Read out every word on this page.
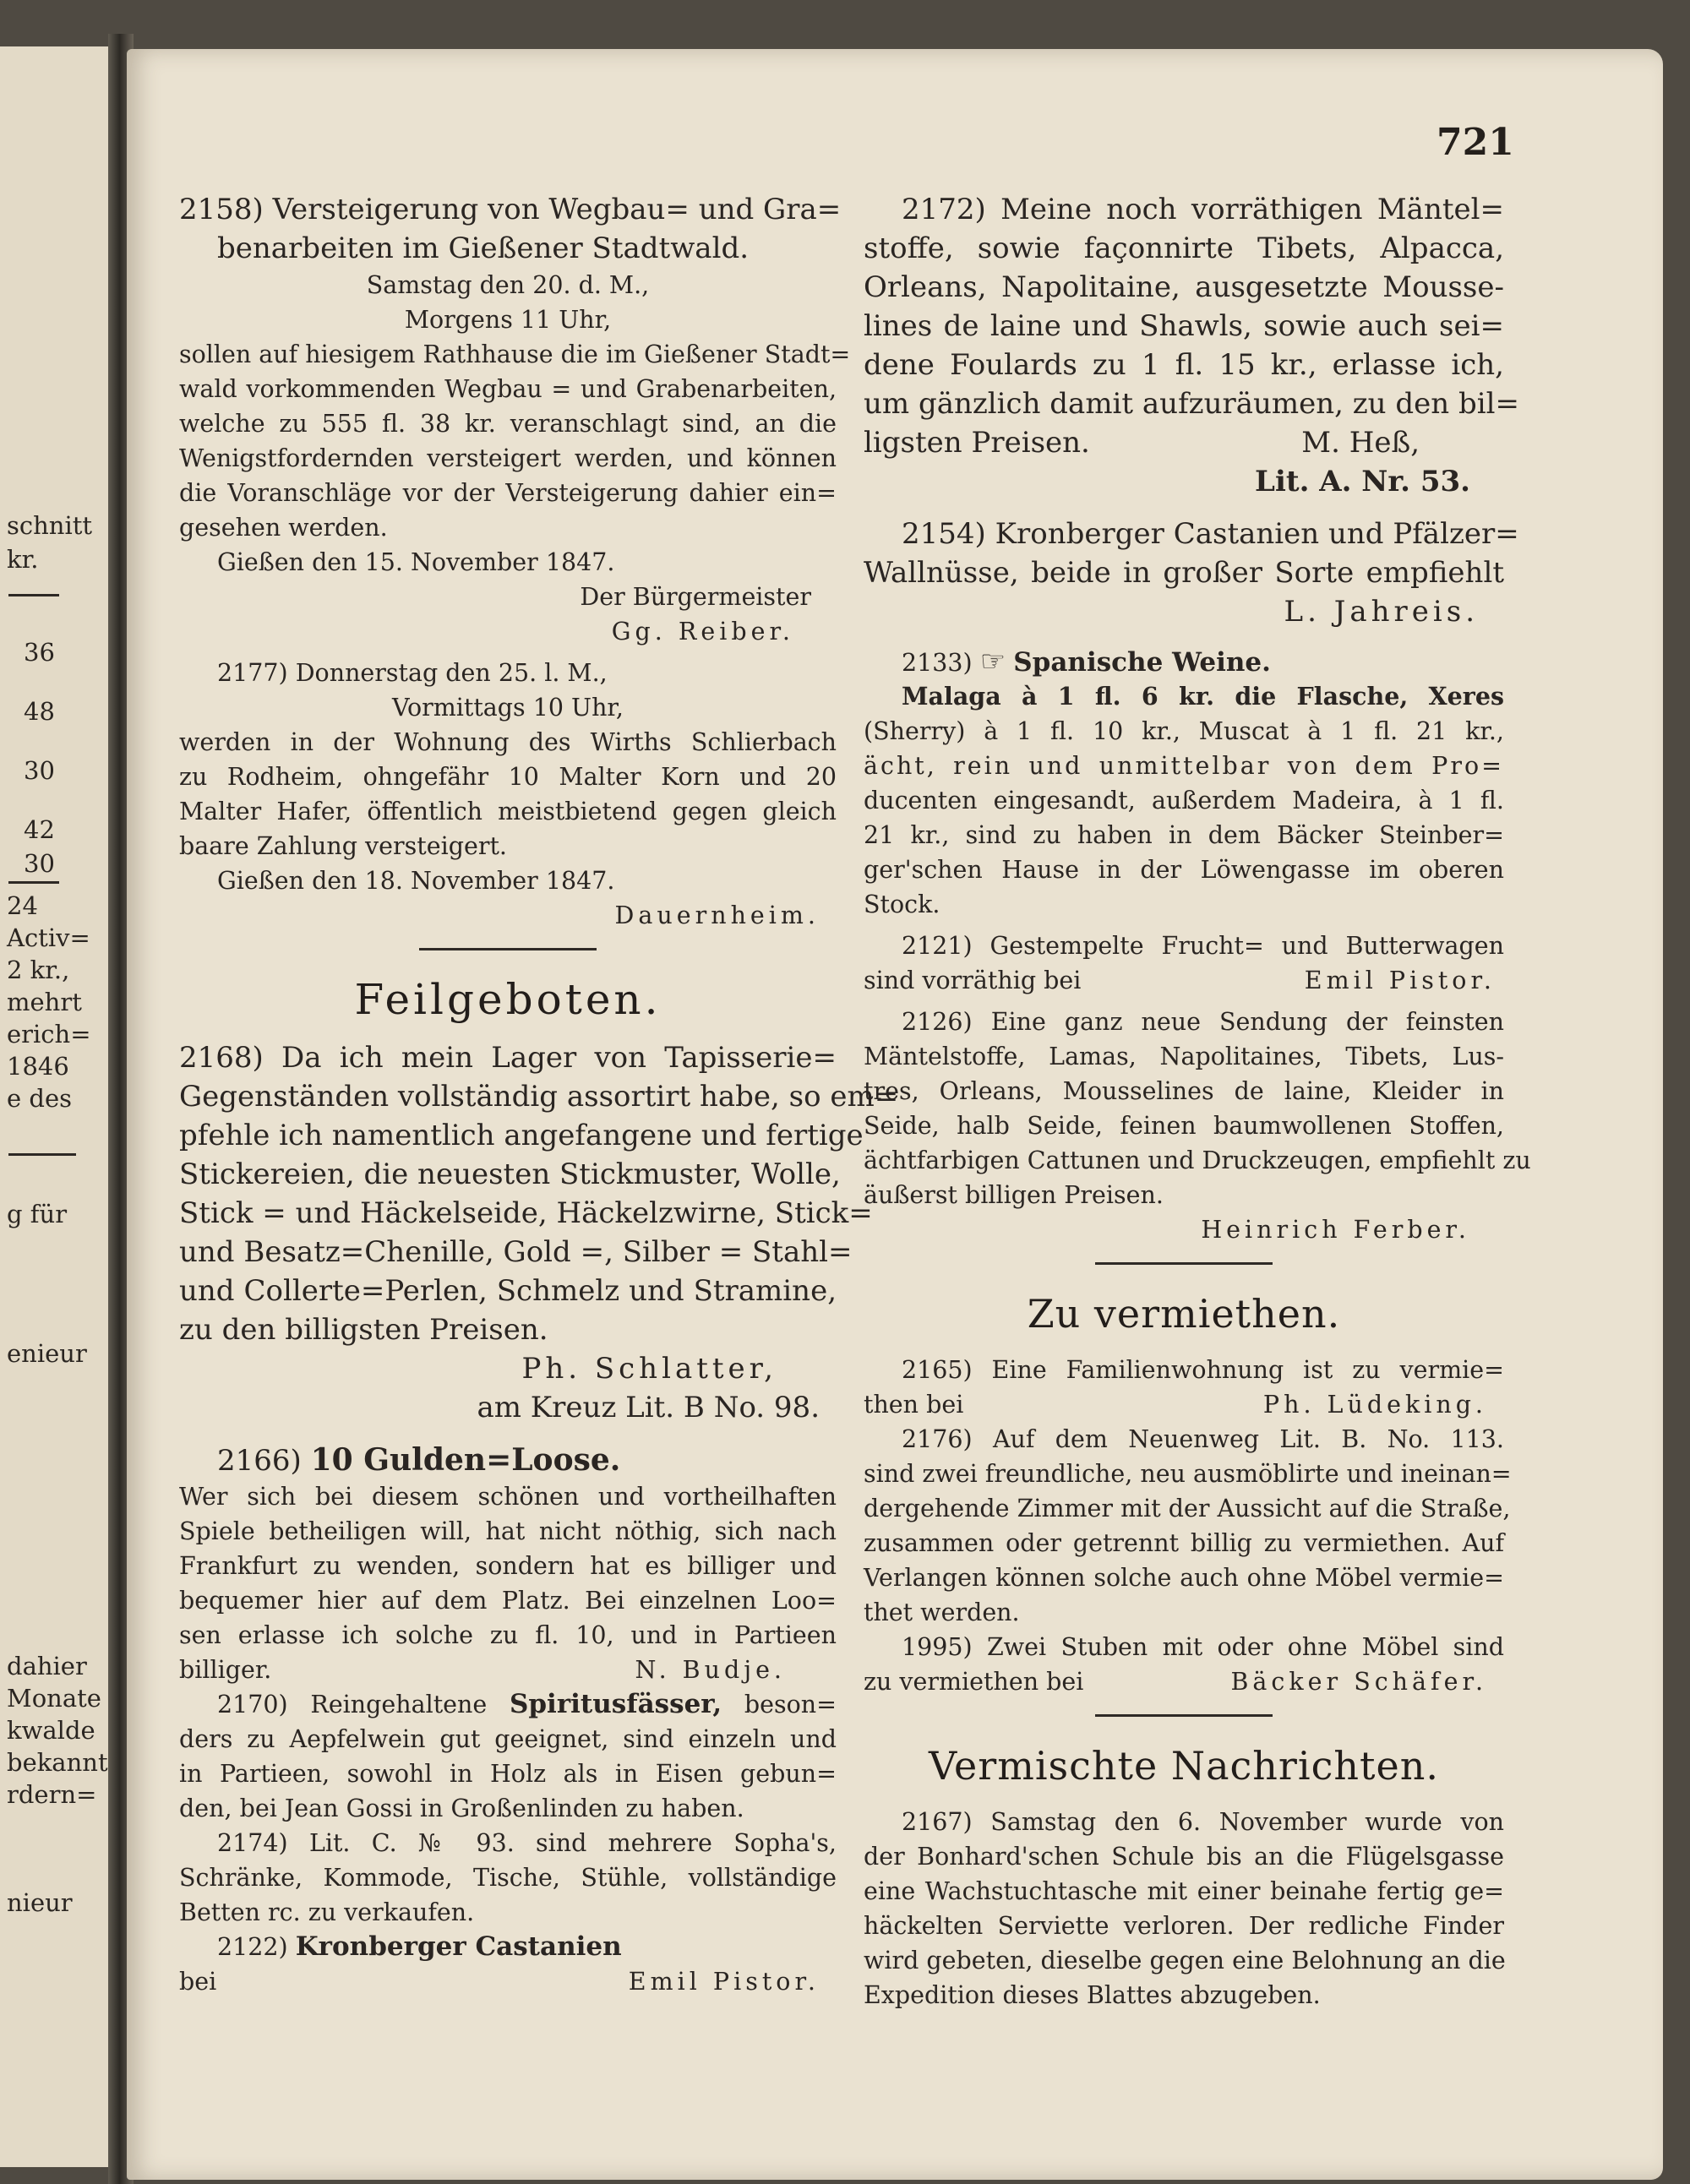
schnitt
kr.
36
48
30
42
30
24
Activ=
2 kr.,
mehrt
erich=
1846
e des
g für
enieur
dahier
Monate
kwalde
bekannt
rdern=
nieur
721
2158) Versteigerung von Wegbau= und Gra=
benarbeiten im Gießener Stadtwald.
Samstag den 20. d. M.,
Morgens 11 Uhr,
sollen auf hiesigem Rathhause die im Gießener Stadt=
wald vorkommenden Wegbau = und Grabenarbeiten,
welche zu 555 fl. 38 kr. veranschlagt sind, an die
Wenigstfordernden versteigert werden, und können
die Voranschläge vor der Versteigerung dahier ein=
gesehen werden.
Gießen den 15. November 1847.
Der Bürgermeister
Gg. Reiber.
2177) Donnerstag den 25. l. M.,
Vormittags 10 Uhr,
werden in der Wohnung des Wirths Schlierbach
zu Rodheim, ohngefähr 10 Malter Korn und 20
Malter Hafer, öffentlich meistbietend gegen gleich
baare Zahlung versteigert.
Gießen den 18. November 1847.
Dauernheim.
Feilgeboten.
2168) Da ich mein Lager von Tapisserie=
Gegenständen vollständig assortirt habe, so em=
pfehle ich namentlich angefangene und fertige
Stickereien, die neuesten Stickmuster, Wolle,
Stick = und Häckelseide, Häckelzwirne, Stick=
und Besatz=Chenille, Gold =, Silber = Stahl=
und Collerte=Perlen, Schmelz und Stramine,
zu den billigsten Preisen.
Ph. Schlatter,
am Kreuz Lit. B No. 98.
2166) 10 Gulden=Loose.
Wer sich bei diesem schönen und vortheilhaften
Spiele betheiligen will, hat nicht nöthig, sich nach
Frankfurt zu wenden, sondern hat es billiger und
bequemer hier auf dem Platz. Bei einzelnen Loo=
sen erlasse ich solche zu fl. 10, und in Partieen
billiger.	N. Budje.
2170) Reingehaltene Spiritusfässer, beson=
ders zu Aepfelwein gut geeignet, sind einzeln und
in Partieen, sowohl in Holz als in Eisen gebun=
den, bei Jean Gossi in Großenlinden zu haben.
2174) Lit. C. № 93. sind mehrere Sopha's,
Schränke, Kommode, Tische, Stühle, vollständige
Betten rc. zu verkaufen.
2122) Kronberger Castanien
bei	Emil Pistor.
2172) Meine noch vorräthigen Mäntel=
stoffe, sowie façonnirte Tibets, Alpacca,
Orleans, Napolitaine, ausgesetzte Mousse-
lines de laine und Shawls, sowie auch sei=
dene Foulards zu 1 fl. 15 kr., erlasse ich,
um gänzlich damit aufzuräumen, zu den bil=
ligsten Preisen.	M. Heß,
Lit. A. Nr. 53.
2154) Kronberger Castanien und Pfälzer=
Wallnüsse, beide in großer Sorte empfiehlt
L. Jahreis.
2133) ☞ Spanische Weine.
Malaga à 1 fl. 6 kr. die Flasche, Xeres
(Sherry) à 1 fl. 10 kr., Muscat à 1 fl. 21 kr.,
ächt, rein und unmittelbar von dem Pro=
ducenten eingesandt, außerdem Madeira, à 1 fl.
21 kr., sind zu haben in dem Bäcker Steinber=
ger'schen Hause in der Löwengasse im oberen
Stock.
2121) Gestempelte Frucht= und Butterwagen
sind vorräthig bei	Emil Pistor.
2126) Eine ganz neue Sendung der feinsten
Mäntelstoffe, Lamas, Napolitaines, Tibets, Lus-
tres, Orleans, Mousselines de laine, Kleider in
Seide, halb Seide, feinen baumwollenen Stoffen,
ächtfarbigen Cattunen und Druckzeugen, empfiehlt zu
äußerst billigen Preisen.
Heinrich Ferber.
Zu vermiethen.
2165) Eine Familienwohnung ist zu vermie=
then bei	Ph. Lüdeking.
2176) Auf dem Neuenweg Lit. B. No. 113.
sind zwei freundliche, neu ausmöblirte und ineinan=
dergehende Zimmer mit der Aussicht auf die Straße,
zusammen oder getrennt billig zu vermiethen. Auf
Verlangen können solche auch ohne Möbel vermie=
thet werden.
1995) Zwei Stuben mit oder ohne Möbel sind
zu vermiethen bei	Bäcker Schäfer.
Vermischte Nachrichten.
2167) Samstag den 6. November wurde von
der Bonhard'schen Schule bis an die Flügelsgasse
eine Wachstuchtasche mit einer beinahe fertig ge=
häckelten Serviette verloren. Der redliche Finder
wird gebeten, dieselbe gegen eine Belohnung an die
Expedition dieses Blattes abzugeben.
